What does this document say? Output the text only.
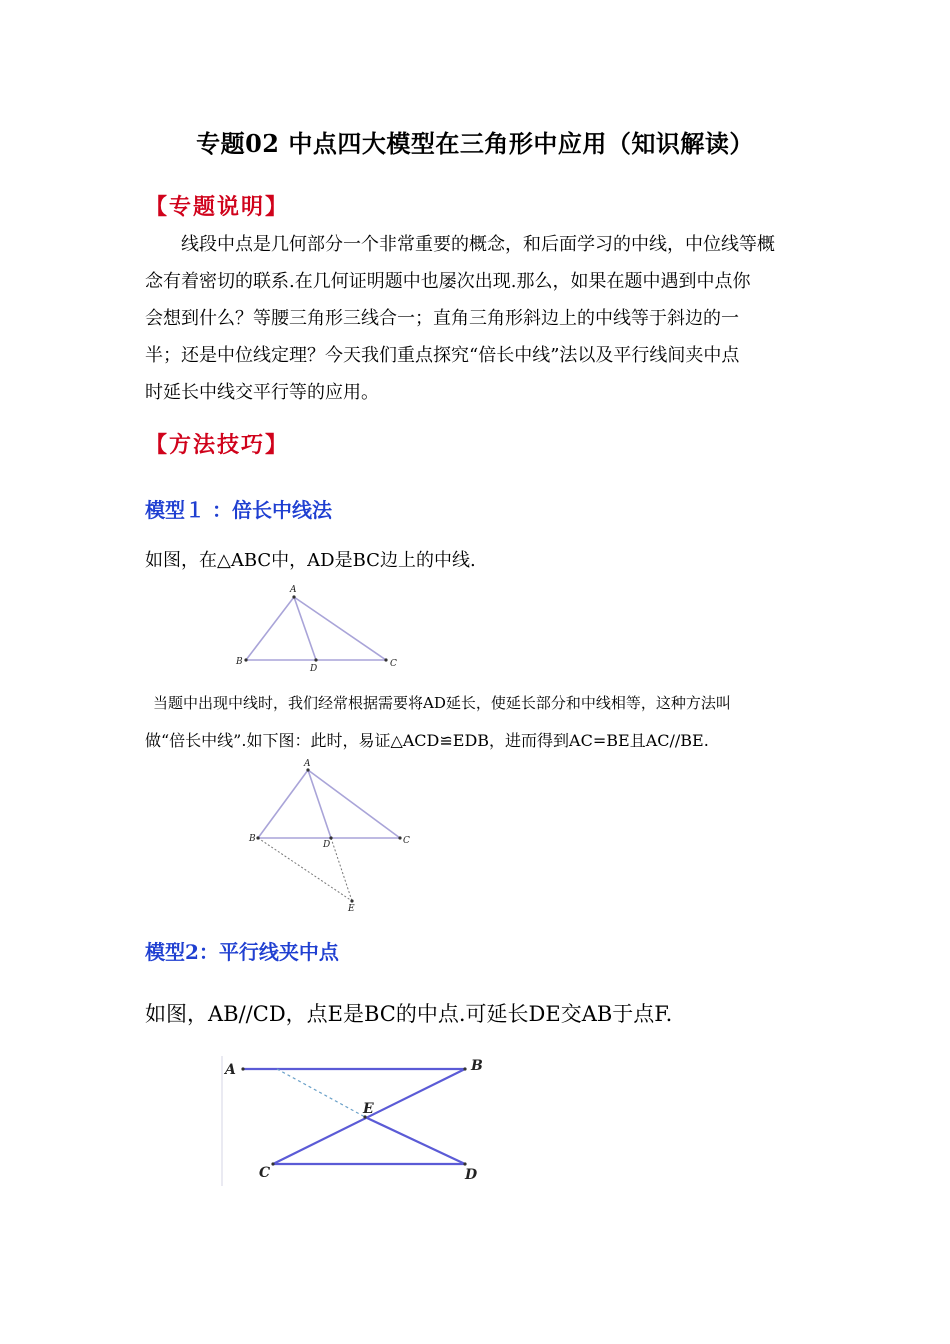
专题02 中点四大模型在三角形中应用（知识解读）
【专题说明】
线段中点是几何部分一个非常重要的概念，和后面学习的中线，中位线等概
念有着密切的联系.在几何证明题中也屡次出现.那么，如果在题中遇到中点你
会想到什么？等腰三角形三线合一；直角三角形斜边上的中线等于斜边的一
半；还是中位线定理？今天我们重点探究“倍长中线”法以及平行线间夹中点
时延长中线交平行等的应用。
【方法技巧】
模型１ ：倍长中线法
如图，在△ABC中，AD是BC边上的中线.
A
B	C
D
当题中出现中线时，我们经常根据需要将AD延长，使延长部分和中线相等，这种方法叫
做“倍长中线”.如下图：此时，易证△ACD≌EDB，进而得到AC=BE且AC//BE.
A
B	C
D
E
模型2：平行线夹中点
如图，AB//CD，点E是BC的中点.可延长DE交AB于点F.
A	B
C	D
E
